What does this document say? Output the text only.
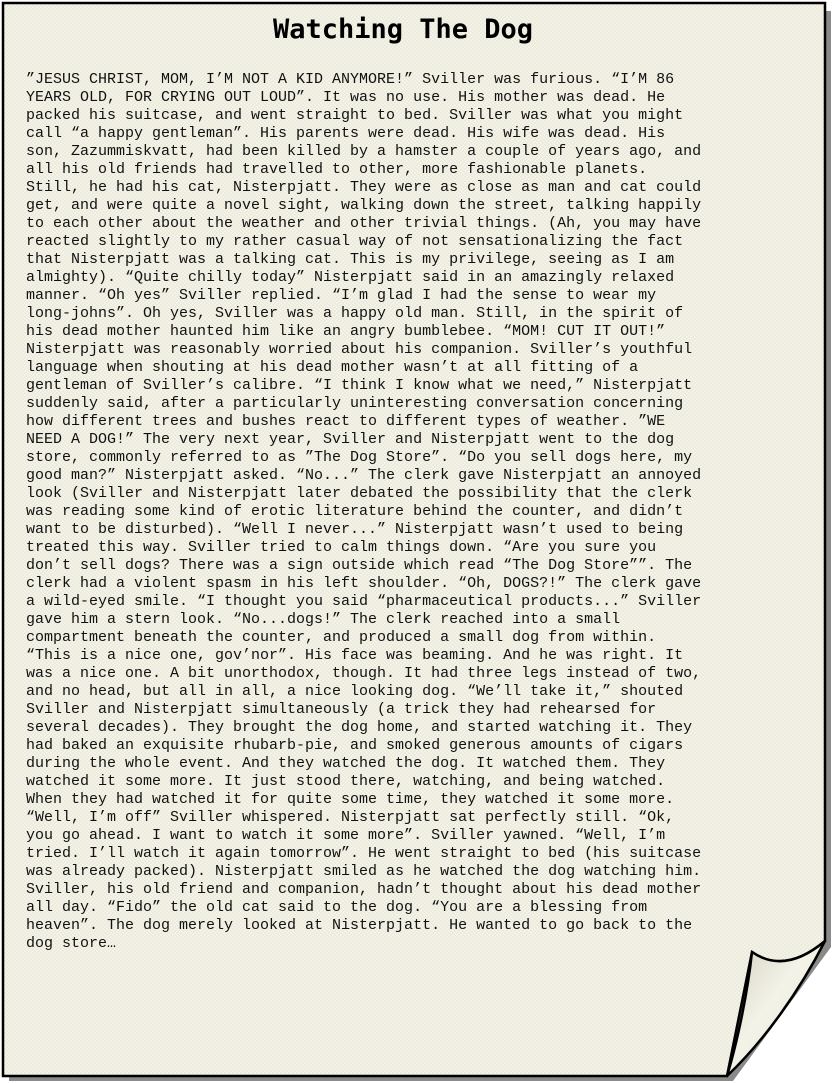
Watching The Dog
”JESUS CHRIST, MOM, I’M NOT A KID ANYMORE!” Sviller was furious. “I’M 86
YEARS OLD, FOR CRYING OUT LOUD”. It was no use. His mother was dead. He
packed his suitcase, and went straight to bed. Sviller was what you might
call “a happy gentleman”. His parents were dead. His wife was dead. His
son, Zazummiskvatt, had been killed by a hamster a couple of years ago, and
all his old friends had travelled to other, more fashionable planets.
Still, he had his cat, Nisterpjatt. They were as close as man and cat could
get, and were quite a novel sight, walking down the street, talking happily
to each other about the weather and other trivial things. (Ah, you may have
reacted slightly to my rather casual way of not sensationalizing the fact
that Nisterpjatt was a talking cat. This is my privilege, seeing as I am
almighty). “Quite chilly today” Nisterpjatt said in an amazingly relaxed
manner. “Oh yes” Sviller replied. “I’m glad I had the sense to wear my
long-johns”. Oh yes, Sviller was a happy old man. Still, in the spirit of
his dead mother haunted him like an angry bumblebee. “MOM! CUT IT OUT!”
Nisterpjatt was reasonably worried about his companion. Sviller’s youthful
language when shouting at his dead mother wasn’t at all fitting of a
gentleman of Sviller’s calibre. “I think I know what we need,” Nisterpjatt
suddenly said, after a particularly uninteresting conversation concerning
how different trees and bushes react to different types of weather. ”WE
NEED A DOG!” The very next year, Sviller and Nisterpjatt went to the dog
store, commonly referred to as ”The Dog Store”. “Do you sell dogs here, my
good man?” Nisterpjatt asked. “No...” The clerk gave Nisterpjatt an annoyed
look (Sviller and Nisterpjatt later debated the possibility that the clerk
was reading some kind of erotic literature behind the counter, and didn’t
want to be disturbed). “Well I never...” Nisterpjatt wasn’t used to being
treated this way. Sviller tried to calm things down. “Are you sure you
don’t sell dogs? There was a sign outside which read “The Dog Store””. The
clerk had a violent spasm in his left shoulder. “Oh, DOGS?!” The clerk gave
a wild-eyed smile. “I thought you said “pharmaceutical products...” Sviller
gave him a stern look. “No...dogs!” The clerk reached into a small
compartment beneath the counter, and produced a small dog from within.
“This is a nice one, gov’nor”. His face was beaming. And he was right. It
was a nice one. A bit unorthodox, though. It had three legs instead of two,
and no head, but all in all, a nice looking dog. “We’ll take it,” shouted
Sviller and Nisterpjatt simultaneously (a trick they had rehearsed for
several decades). They brought the dog home, and started watching it. They
had baked an exquisite rhubarb-pie, and smoked generous amounts of cigars
during the whole event. And they watched the dog. It watched them. They
watched it some more. It just stood there, watching, and being watched.
When they had watched it for quite some time, they watched it some more.
“Well, I’m off” Sviller whispered. Nisterpjatt sat perfectly still. “Ok,
you go ahead. I want to watch it some more”. Sviller yawned. “Well, I’m
tried. I’ll watch it again tomorrow”. He went straight to bed (his suitcase
was already packed). Nisterpjatt smiled as he watched the dog watching him.
Sviller, his old friend and companion, hadn’t thought about his dead mother
all day. “Fido” the old cat said to the dog. “You are a blessing from
heaven”. The dog merely looked at Nisterpjatt. He wanted to go back to the
dog store…
